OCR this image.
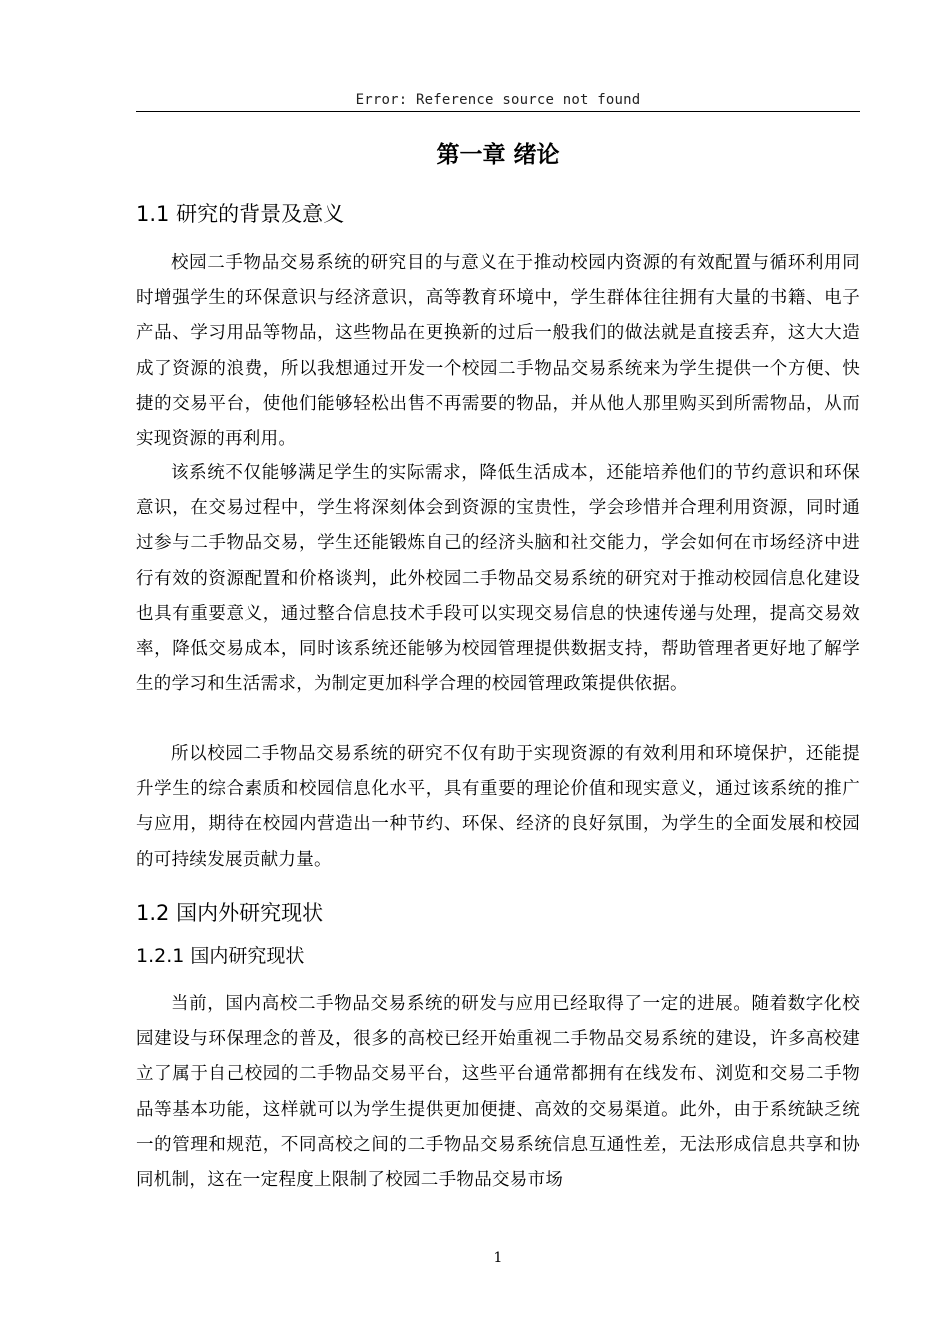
Error: Reference source not found
第一章 绪论
1.1 研究的背景及意义
校园二手物品交易系统的研究目的与意义在于推动校园内资源的有效配置与循环利用同时增强学生的环保意识与经济意识，高等教育环境中，学生群体往往拥有大量的书籍、电子产品、学习用品等物品，这些物品在更换新的过后一般我们的做法就是直接丢弃，这大大造成了资源的浪费，所以我想通过开发一个校园二手物品交易系统来为学生提供一个方便、快捷的交易平台，使他们能够轻松出售不再需要的物品，并从他人那里购买到所需物品，从而实现资源的再利用。
该系统不仅能够满足学生的实际需求，降低生活成本，还能培养他们的节约意识和环保意识，在交易过程中，学生将深刻体会到资源的宝贵性，学会珍惜并合理利用资源，同时通过参与二手物品交易，学生还能锻炼自己的经济头脑和社交能力，学会如何在市场经济中进行有效的资源配置和价格谈判，此外校园二手物品交易系统的研究对于推动校园信息化建设也具有重要意义，通过整合信息技术手段可以实现交易信息的快速传递与处理，提高交易效率，降低交易成本，同时该系统还能够为校园管理提供数据支持，帮助管理者更好地了解学生的学习和生活需求，为制定更加科学合理的校园管理政策提供依据。
所以校园二手物品交易系统的研究不仅有助于实现资源的有效利用和环境保护，还能提升学生的综合素质和校园信息化水平，具有重要的理论价值和现实意义，通过该系统的推广与应用，期待在校园内营造出一种节约、环保、经济的良好氛围，为学生的全面发展和校园的可持续发展贡献力量。
1.2 国内外研究现状
1.2.1 国内研究现状
当前，国内高校二手物品交易系统的研发与应用已经取得了一定的进展。随着数字化校园建设与环保理念的普及，很多的高校已经开始重视二手物品交易系统的建设，许多高校建立了属于自己校园的二手物品交易平台，这些平台通常都拥有在线发布、浏览和交易二手物品等基本功能，这样就可以为学生提供更加便捷、高效的交易渠道。此外，由于系统缺乏统一的管理和规范，不同高校之间的二手物品交易系统信息互通性差，无法形成信息共享和协同机制，这在一定程度上限制了校园二手物品交易市场
1
